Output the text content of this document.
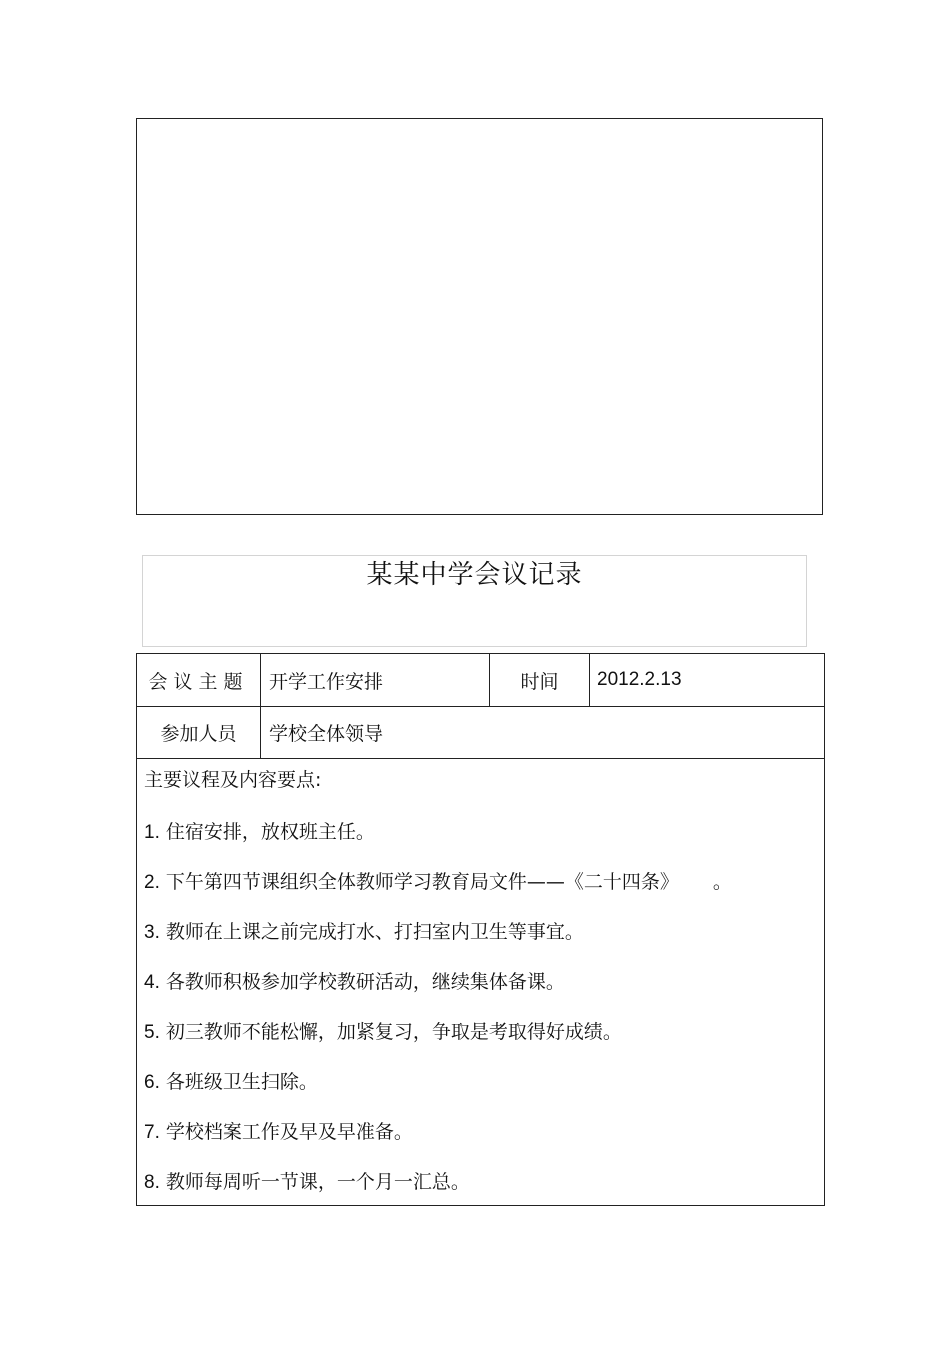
某某中学会议记录
会议主题	开学工作安排	时间	2012.2.13
参加人员	学校全体领导
主要议程及内容要点:
1. 住宿安排，放权班主任。
2. 下午第四节课组织全体教师学习教育局文件——《二十四条》 。
3. 教师在上课之前完成打水、打扫室内卫生等事宜。
4. 各教师积极参加学校教研活动，继续集体备课。
5. 初三教师不能松懈，加紧复习，争取是考取得好成绩。
6. 各班级卫生扫除。
7. 学校档案工作及早及早准备。
8. 教师每周听一节课，一个月一汇总。
